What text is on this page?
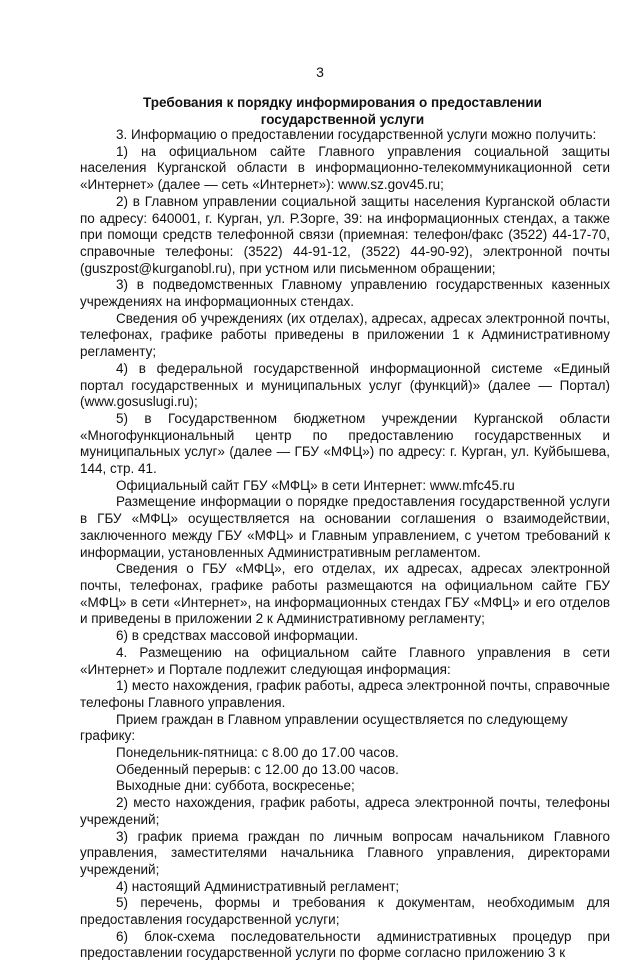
3
Требования к порядку информирования о предоставлении
государственной услуги

3. Информацию о предоставлении государственной услуги можно получить:

1) на официальном сайте Главного управления социальной защиты населения Курганской области в информационно-телекоммуникационной сети «Интернет» (далее — сеть «Интернет»): www.sz.gov45.ru;

2) в Главном управлении социальной защиты населения Курганской области по адресу: 640001, г. Курган, ул. Р.Зорге, 39: на информационных стендах, а также при помощи средств телефонной связи (приемная: телефон/факс (3522) 44-17-70, справочные телефоны: (3522) 44-91-12, (3522) 44-90-92), электронной почты (guszpost@kurganobl.ru), при устном или письменном обращении;

3) в подведомственных Главному управлению государственных казенных учреждениях на информационных стендах.

Сведения об учреждениях (их отделах), адресах, адресах электронной почты, телефонах, графике работы приведены в приложении 1 к Административному регламенту;

4) в федеральной государственной информационной системе «Единый портал государственных и муниципальных услуг (функций)» (далее — Портал) (www.gosuslugi.ru);

5) в Государственном бюджетном учреждении Курганской области «Многофункциональный центр по предоставлению государственных и муниципальных услуг» (далее — ГБУ «МФЦ») по адресу: г. Курган, ул. Куйбышева, 144, стр. 41.

Официальный сайт ГБУ «МФЦ» в сети Интернет: www.mfc45.ru

Размещение информации о порядке предоставления государственной услуги в ГБУ «МФЦ» осуществляется на основании соглашения о взаимодействии, заключенного между ГБУ «МФЦ» и Главным управлением, с учетом требований к информации, установленных Административным регламентом.

Сведения о ГБУ «МФЦ», его отделах, их адресах, адресах электронной почты, телефонах, графике работы размещаются на официальном сайте ГБУ «МФЦ» в сети «Интернет», на информационных стендах ГБУ «МФЦ» и его отделов и приведены в приложении 2 к Административному регламенту;

6) в средствах массовой информации.

4. Размещению на официальном сайте Главного управления в сети «Интернет» и Портале подлежит следующая информация:

1) место нахождения, график работы, адреса электронной почты, справочные телефоны Главного управления.

Прием граждан в Главном управлении осуществляется по следующему графику:

Понедельник-пятница: с 8.00 до 17.00 часов.

Обеденный перерыв: с 12.00 до 13.00 часов.

Выходные дни: суббота, воскресенье;

2) место нахождения, график работы, адреса электронной почты, телефоны учреждений;

3) график приема граждан по личным вопросам начальником Главного управления, заместителями начальника Главного управления, директорами учреждений;

4) настоящий Административный регламент;

5) перечень, формы и требования к документам, необходимым для предоставления государственной услуги;

6) блок-схема последовательности административных процедур при предоставлении государственной услуги по форме согласно приложению 3 к
